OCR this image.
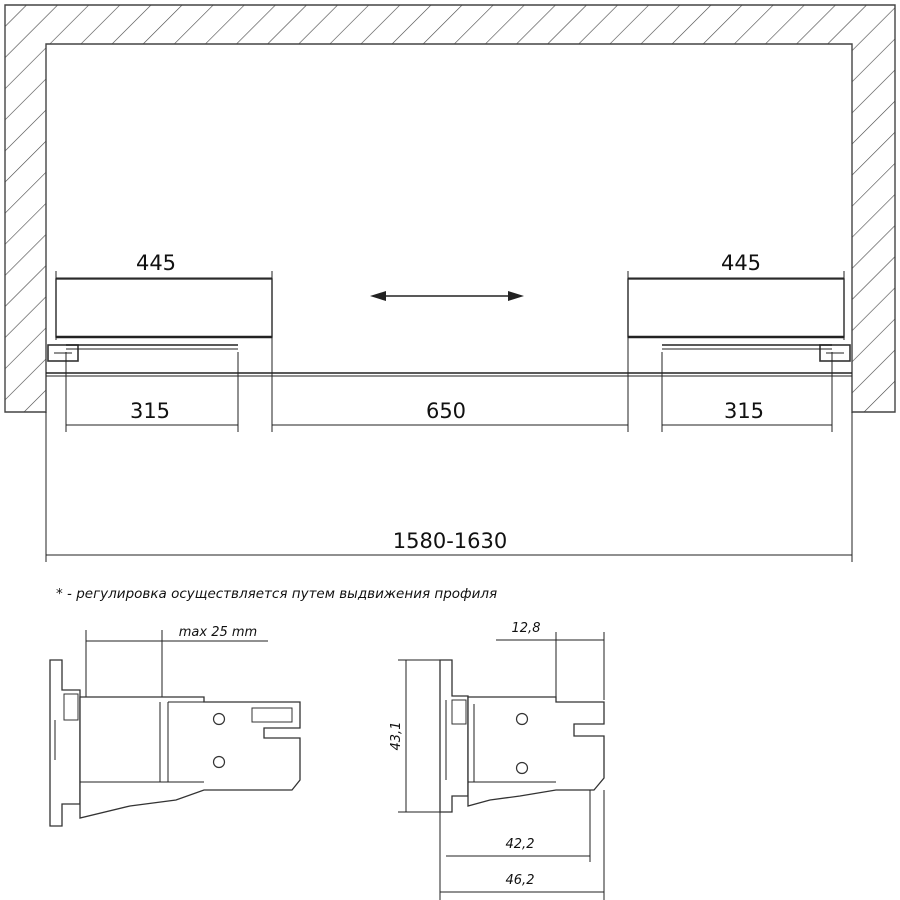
445	445
315	650	315
1580-1630
* - регулировка осуществляется путем выдвижения профиля
max 25 mm	12,8
43,1
42,2
46,2
